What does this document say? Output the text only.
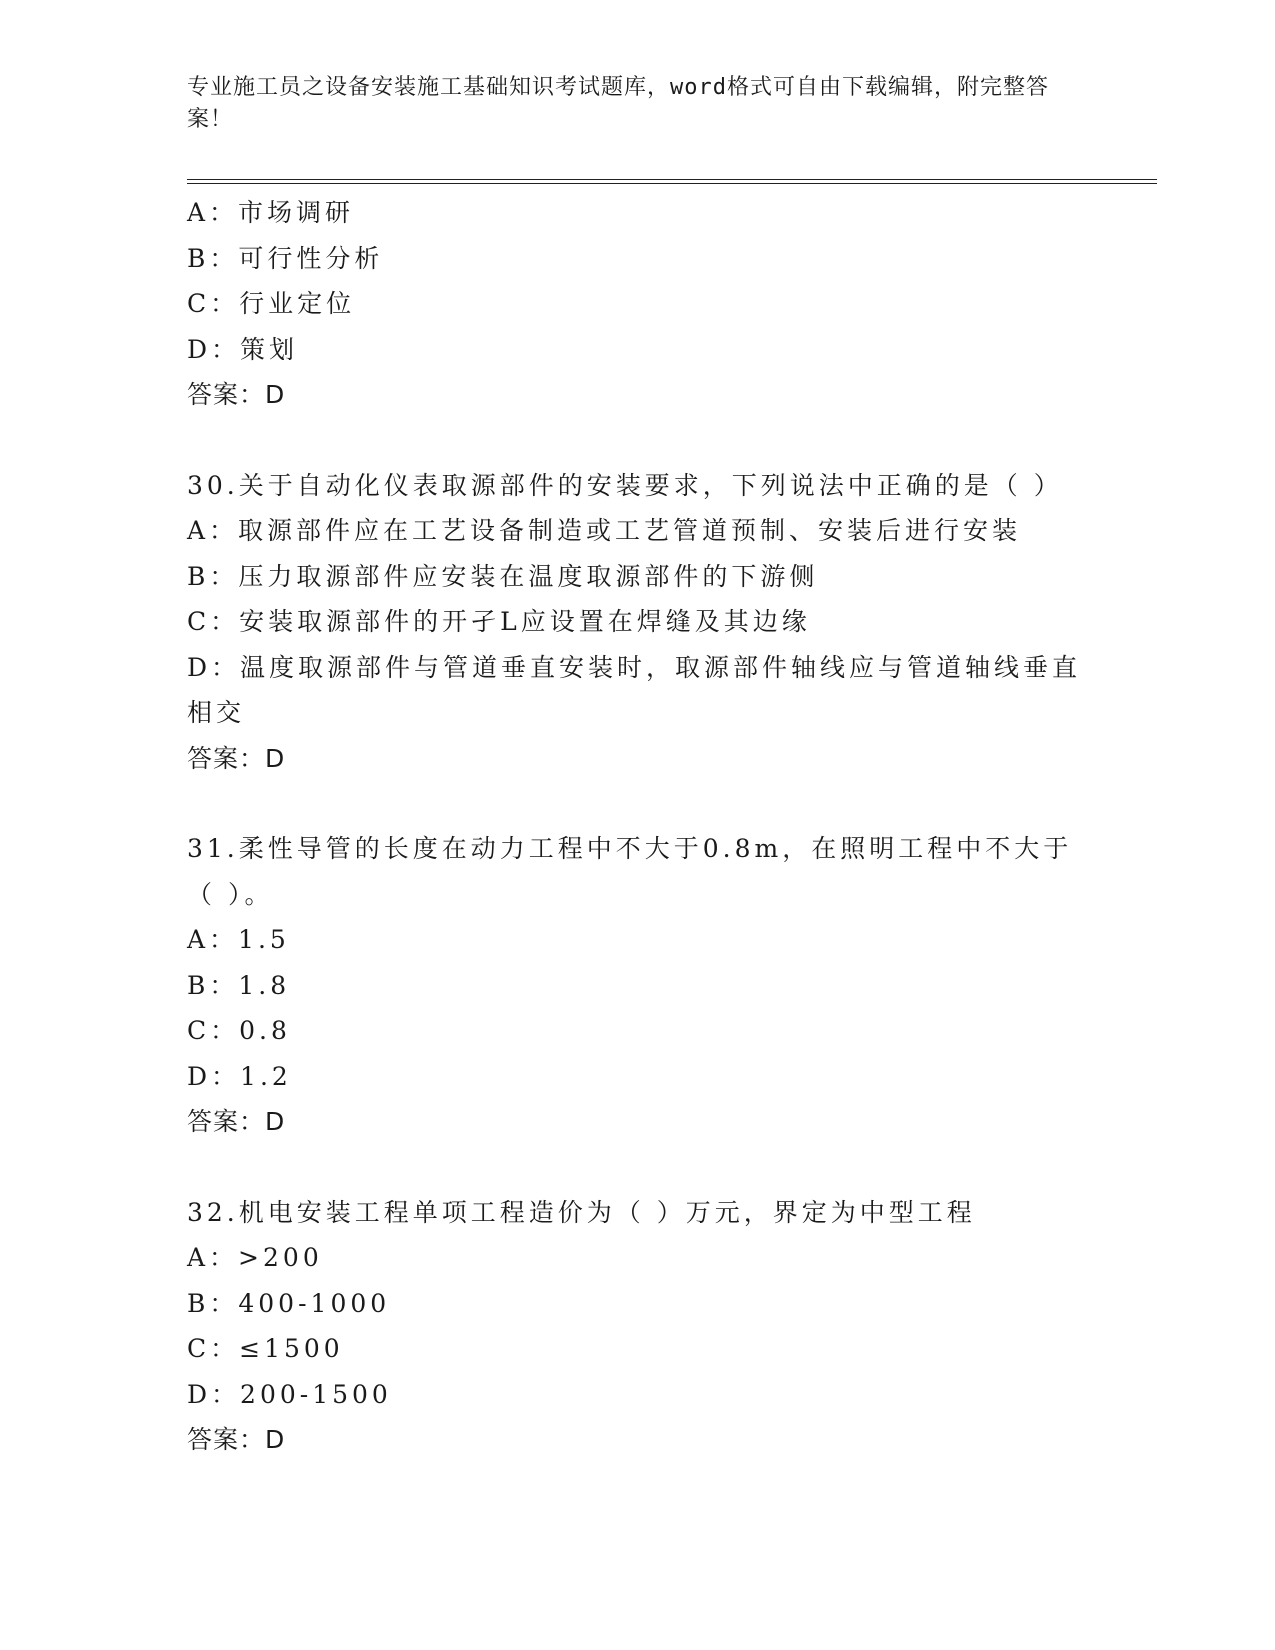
专业施工员之设备安装施工基础知识考试题库，word格式可自由下载编辑，附完整答案！
A：市场调研
B：可行性分析
C：行业定位
D：策划
答案：D
30.关于自动化仪表取源部件的安装要求，下列说法中正确的是（ ）
A：取源部件应在工艺设备制造或工艺管道预制、安装后进行安装
B：压力取源部件应安装在温度取源部件的下游侧
C：安装取源部件的开孑L应设置在焊缝及其边缘
D：温度取源部件与管道垂直安装时，取源部件轴线应与管道轴线垂直相交
答案：D
31.柔性导管的长度在动力工程中不大于0.8m，在照明工程中不大于（ ）。
A：1.5
B：1.8
C：0.8
D：1.2
答案：D
32.机电安装工程单项工程造价为（ ）万元，界定为中型工程
A：>200
B：400-1000
C：≤1500
D：200-1500
答案：D
